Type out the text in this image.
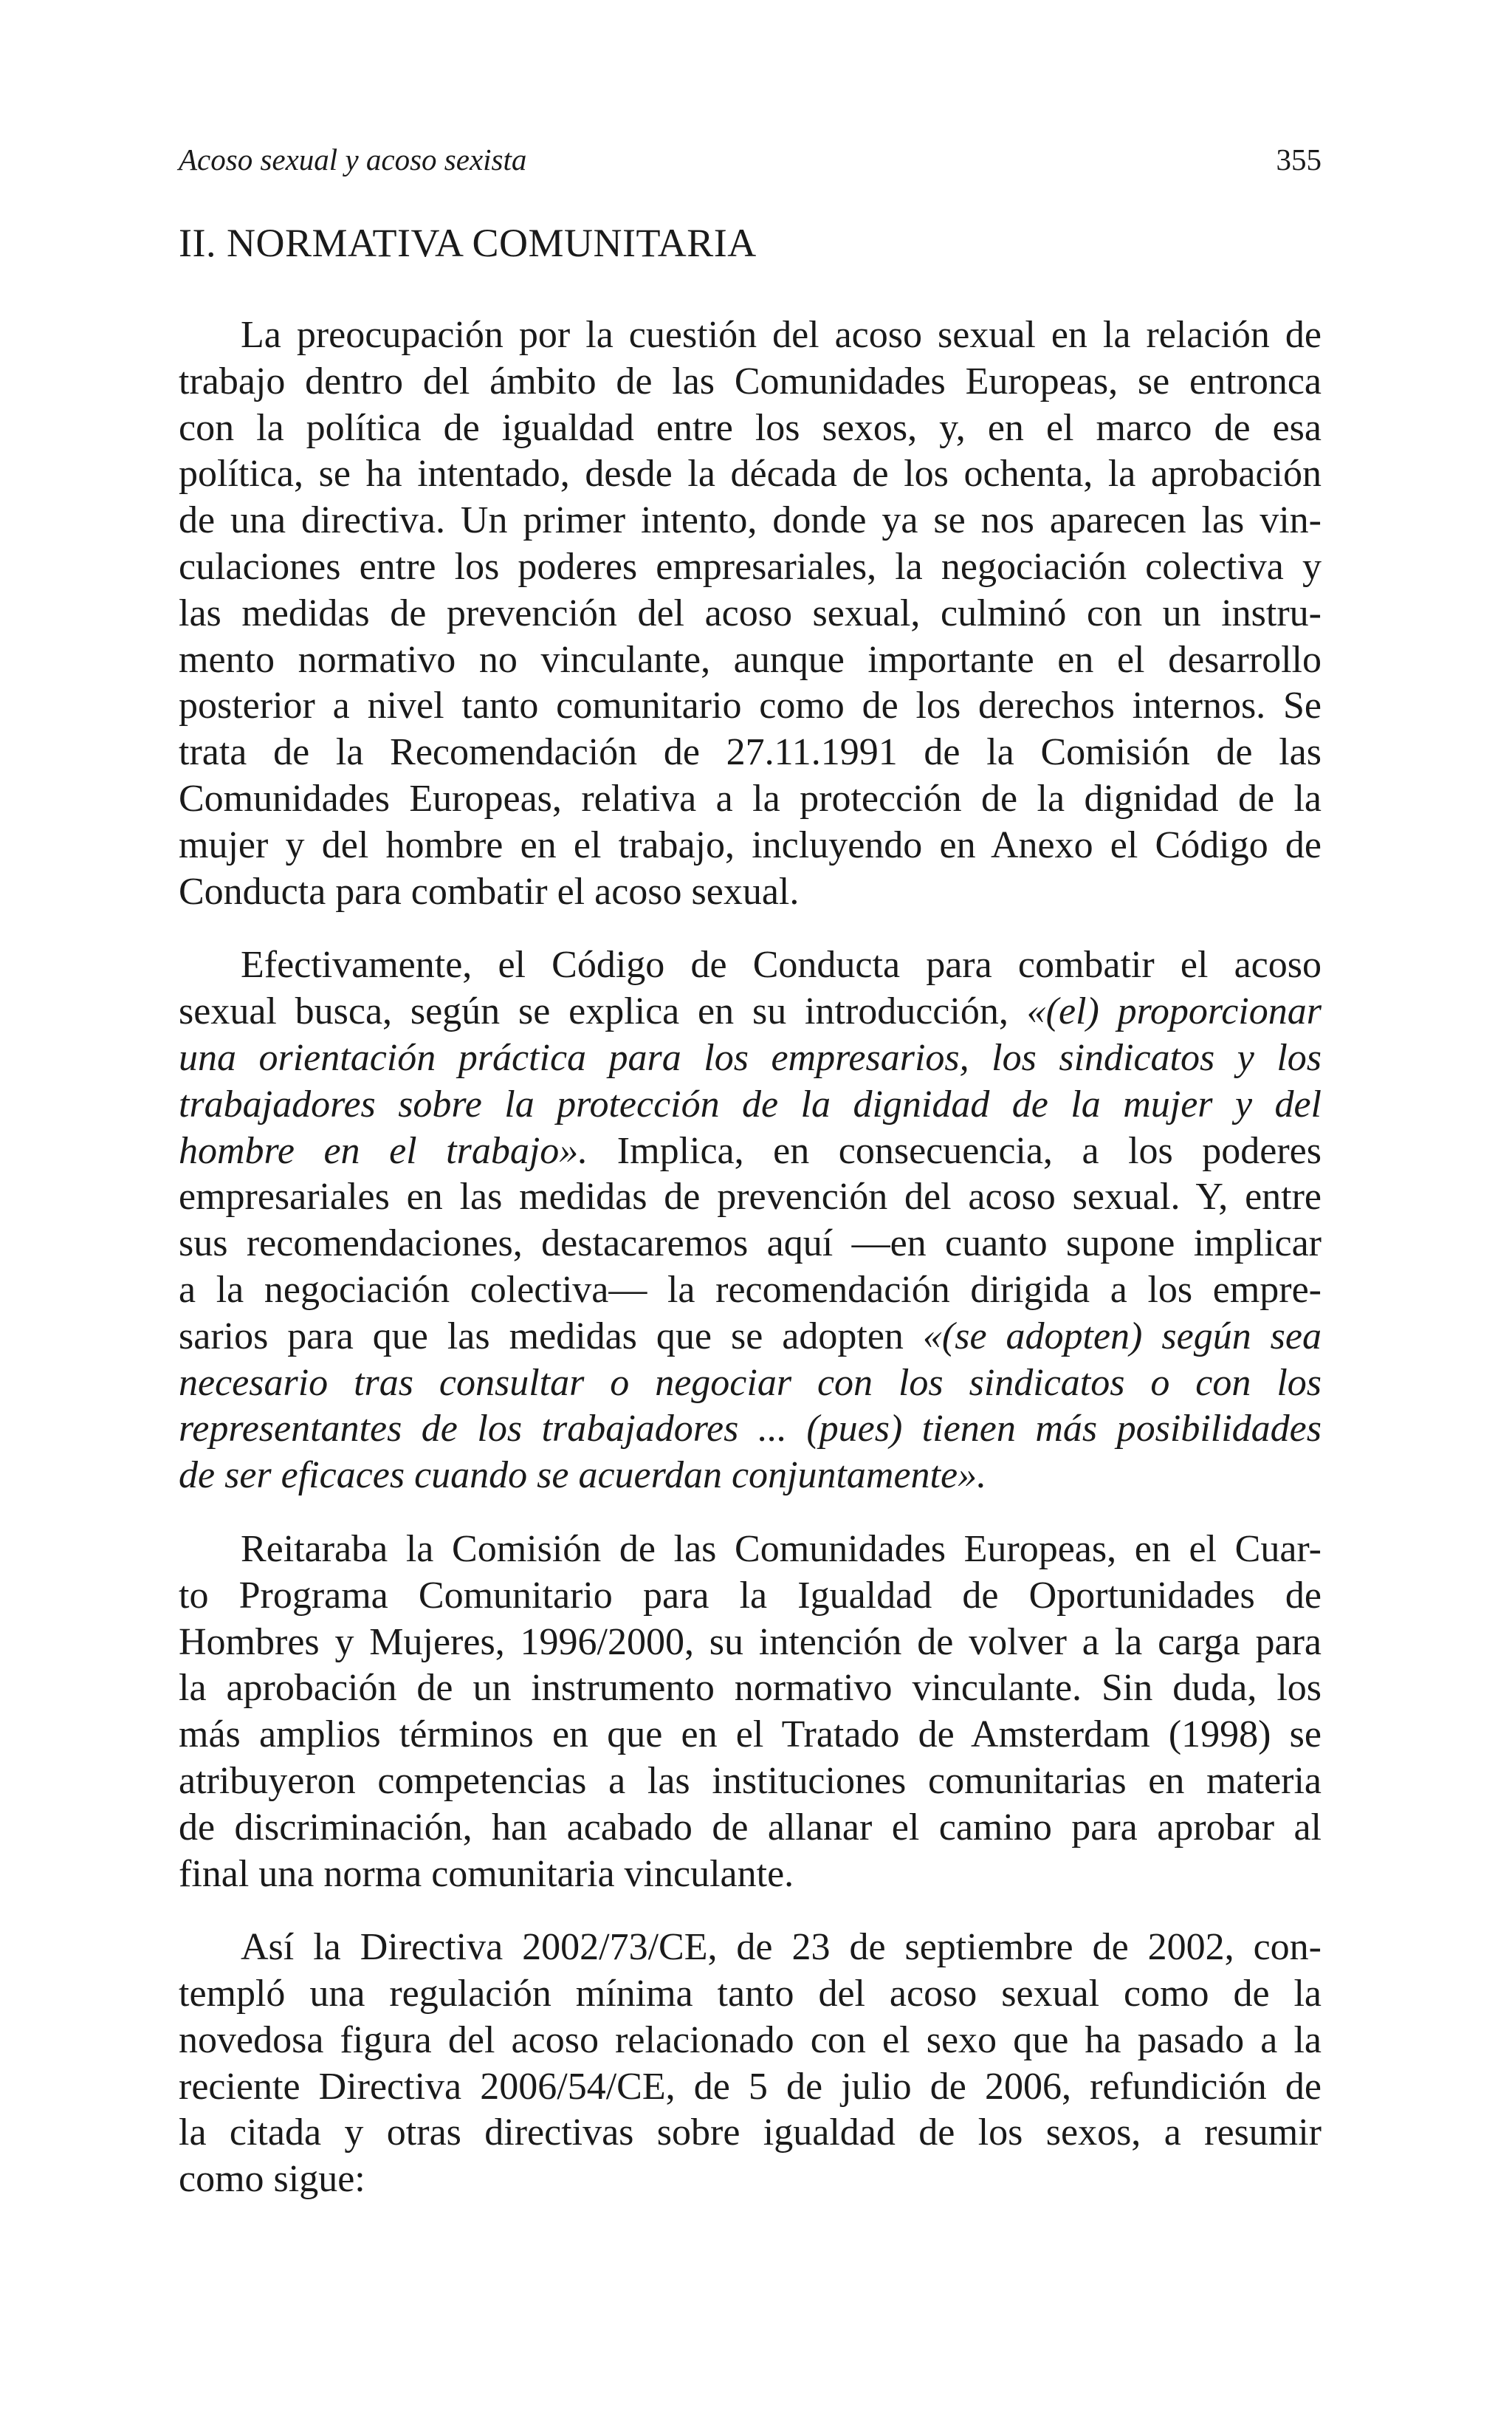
Acoso sexual y acoso sexista	355
II. NORMATIVA COMUNITARIA

La preocupación por la cuestión del acoso sexual en la relación de
trabajo dentro del ámbito de las Comunidades Europeas, se entronca
con la política de igualdad entre los sexos, y, en el marco de esa
política, se ha intentado, desde la década de los ochenta, la aprobación
de una directiva. Un primer intento, donde ya se nos aparecen las vin-
culaciones entre los poderes empresariales, la negociación colectiva y
las medidas de prevención del acoso sexual, culminó con un instru-
mento normativo no vinculante, aunque importante en el desarrollo
posterior a nivel tanto comunitario como de los derechos internos. Se
trata de la Recomendación de 27.11.1991 de la Comisión de las
Comunidades Europeas, relativa a la protección de la dignidad de la
mujer y del hombre en el trabajo, incluyendo en Anexo el Código de
Conducta para combatir el acoso sexual.

Efectivamente, el Código de Conducta para combatir el acoso
sexual busca, según se explica en su introducción, «(el) proporcionar
una orientación práctica para los empresarios, los sindicatos y los
trabajadores sobre la protección de la dignidad de la mujer y del
hombre en el trabajo». Implica, en consecuencia, a los poderes
empresariales en las medidas de prevención del acoso sexual. Y, entre
sus recomendaciones, destacaremos aquí —en cuanto supone implicar
a la negociación colectiva— la recomendación dirigida a los empre-
sarios para que las medidas que se adopten «(se adopten) según sea
necesario tras consultar o negociar con los sindicatos o con los
representantes de los trabajadores ... (pues) tienen más posibilidades
de ser eficaces cuando se acuerdan conjuntamente».

Reitaraba la Comisión de las Comunidades Europeas, en el Cuar-
to Programa Comunitario para la Igualdad de Oportunidades de
Hombres y Mujeres, 1996/2000, su intención de volver a la carga para
la aprobación de un instrumento normativo vinculante. Sin duda, los
más amplios términos en que en el Tratado de Amsterdam (1998) se
atribuyeron competencias a las instituciones comunitarias en materia
de discriminación, han acabado de allanar el camino para aprobar al
final una norma comunitaria vinculante.

Así la Directiva 2002/73/CE, de 23 de septiembre de 2002, con-
templó una regulación mínima tanto del acoso sexual como de la
novedosa figura del acoso relacionado con el sexo que ha pasado a la
reciente Directiva 2006/54/CE, de 5 de julio de 2006, refundición de
la citada y otras directivas sobre igualdad de los sexos, a resumir
como sigue:
